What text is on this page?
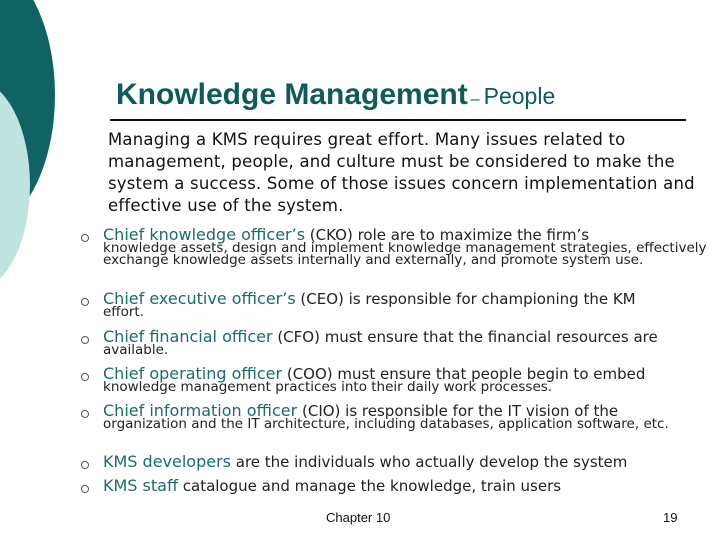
Knowledge Management – People
Managing a KMS requires great effort. Many issues related to management, people, and culture must be considered to make the system a success. Some of those issues concern implementation and effective use of the system.
Chief knowledge officer’s (CKO) role are to maximize the firm’s
knowledge assets, design and implement knowledge management strategies, effectively exchange knowledge assets internally and externally, and promote system use.
Chief executive officer’s (CEO) is responsible for championing the KM
effort.
Chief financial officer (CFO) must ensure that the financial resources are
available.
Chief operating officer (COO) must ensure that people begin to embed
knowledge management practices into their daily work processes.
Chief information officer (CIO) is responsible for the IT vision of the
organization and the IT architecture, including databases, application software, etc.
KMS developers are the individuals who actually develop the system
KMS staff catalogue and manage the knowledge, train users
Chapter 10	19
